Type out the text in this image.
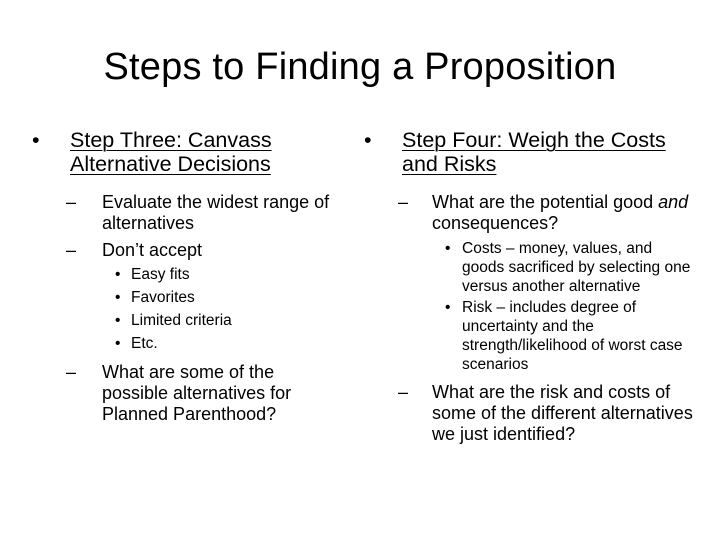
Steps to Finding a Proposition
•	Step Three: Canvass Alternative Decisions
– Evaluate the widest range of alternatives
– Don’t accept
• Easy fits
• Favorites
• Limited criteria
• Etc.
– What are some of the possible alternatives for Planned Parenthood?
•	Step Four: Weigh the Costs and Risks
– What are the potential good and consequences?
• Costs – money, values, and goods sacrificed by selecting one versus another alternative
• Risk – includes degree of uncertainty and the strength/likelihood of worst case scenarios
– What are the risk and costs of some of the different alternatives we just identified?
